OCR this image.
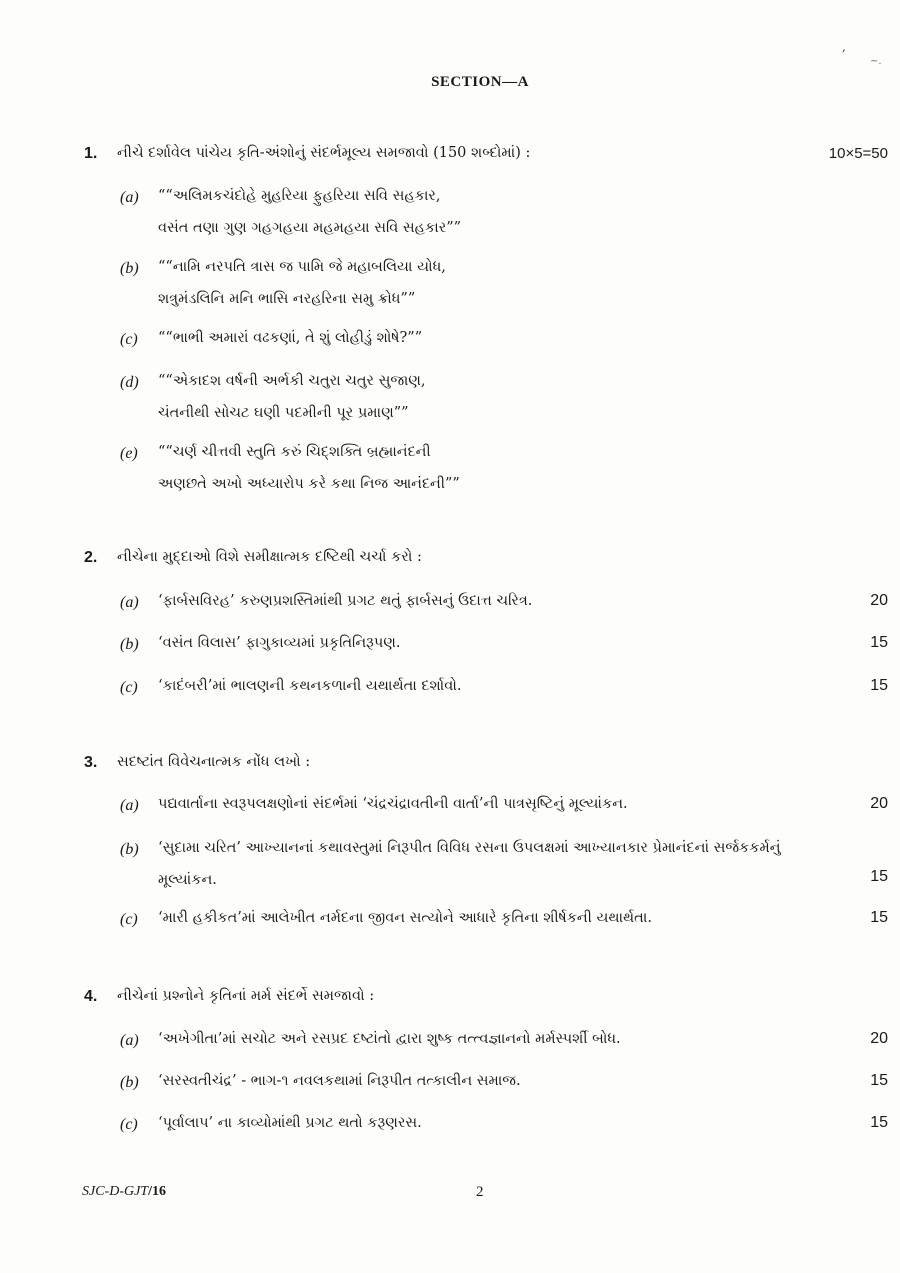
,
~.
SECTION—A
1. નીચે દર્શાવેલ પાંચેય કૃતિ-અંશોનું સંદર્ભમૂલ્ય સમજાવો (150 શબ્દોમાં) :	10×5=50
(a) ““અલિમકચંદોહે મુહરિયા ફુહરિયા સવિ સહકાર,
વસંત તણા ગુણ ગહગહયા મહમહયા સવિ સહકાર””
(b) ““નામિ નરપતિ ત્રાસ જ પામિ જે મહાબલિયા યોધ,
શત્રુમંડલિનિ મનિ ભાસિ નરહરિના સમુ ક્રોધ””
(c) ““ભાભી અમારાં વઢકણાં, તે શું લોહીડું શોષે?””
(d) ““એકાદશ વર્ષની અર્ભકી ચતુરા ચતુર સુજાણ,
ચંતનીથી સોચટ ઘણી પદમીની પૂર પ્રમાણ””
(e) ““ચર્ણ ચીત્તવી સ્તુતિ કરું ચિદ્શક્તિ બ્રહ્માનંદની
અણછતે અખો અધ્યારોપ કરે કથા નિજ આનંદની””
2. નીચેના મુદ્દાઓ વિશે સમીક્ષાત્મક દષ્ટિથી ચર્ચા કરો :
(a) ‘ફાર્બસવિરહ’ કરુણપ્રશસ્તિમાંથી પ્રગટ થતું ફાર્બસનું ઉદાત્ત ચરિત્ર.	20
(b) ‘વસંત વિલાસ’ ફાગુકાવ્યમાં પ્રકૃતિનિરૂપણ.	15
(c) ‘કાદંબરી’માં ભાલણની કથનકળાની યથાર્થતા દર્શાવો.	15
3. સદષ્ટાંત વિવેચનાત્મક નોંધ લખો :
(a) પદ્યવાર્તાના સ્વરૂપલક્ષણોનાં સંદર્ભમાં ‘ચંદ્રચંદ્રાવતીની વાર્તા’ની પાત્રસૃષ્ટિનું મૂલ્યાંકન.	20
(b) ‘સુદામા ચરિત’ આખ્યાનનાં કથાવસ્તુમાં નિરૂપીત વિવિધ રસના ઉપલક્ષમાં આખ્યાનકાર પ્રેમાનંદનાં સર્જકકર્મનું
મૂલ્યાંકન.	15
(c) ‘મારી હકીકત’માં આલેખીત નર્મદના જીવન સત્યોને આધારે કૃતિના શીર્ષકની યથાર્થતા.	15
4. નીચેનાં પ્રશ્નોને કૃતિનાં મર્મ સંદર્ભે સમજાવો :
(a) ‘અખેગીતા’માં સચોટ અને રસપ્રદ દષ્ટાંતો દ્વારા શુષ્ક તત્ત્વજ્ઞાનનો મર્મસ્પર્શી બોધ.	20
(b) ‘સરસ્વતીચંદ્ર’ - ભાગ-૧ નવલકથામાં નિરૂપીત તત્કાલીન સમાજ.	15
(c) ‘પૂર્વાલાપ’ ના કાવ્યોમાંથી પ્રગટ થતો કરૂણરસ.	15
SJC-D-GJT/16	2
